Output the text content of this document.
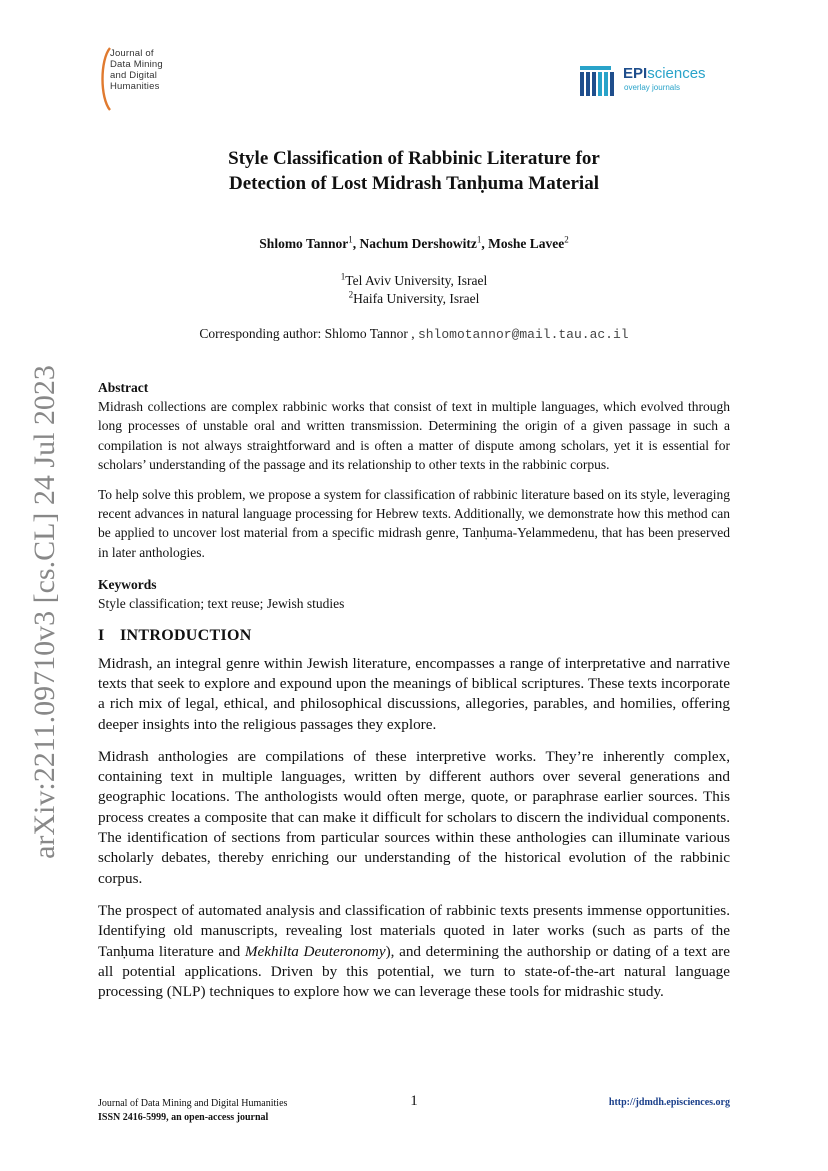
Journal of
Data Mining
and Digital
Humanities
EPIsciences
overlay journals
Style Classification of Rabbinic Literature for
Detection of Lost Midrash Tanḥuma Material
Shlomo Tannor$^1$, Nachum Dershowitz$^1$, Moshe Lavee$^2$
$^1$Tel Aviv University, Israel
$^2$Haifa University, Israel
Corresponding author: Shlomo Tannor , shlomotannor@mail.tau.ac.il
arXiv:2211.09710v3 [cs.CL] 24 Jul 2023	Abstract

Midrash collections are complex rabbinic works that consist of text in multiple languages, which evolved through long processes of unstable oral and written transmission. Determining the origin of a given passage in such a compilation is not always straightforward and is often a matter of dispute among scholars, yet it is essential for scholars’ understanding of the passage and its relationship to other texts in the rabbinic corpus.

To help solve this problem, we propose a system for classification of rabbinic literature based on its style, leveraging recent advances in natural language processing for Hebrew texts. Additionally, we demonstrate how this method can be applied to uncover lost material from a specific midrash genre, Tanḥuma-Yelammedenu, that has been preserved in later anthologies.

Keywords

Style classification; text reuse; Jewish studies

I INTRODUCTION

Midrash, an integral genre within Jewish literature, encompasses a range of interpretative and narrative texts that seek to explore and expound upon the meanings of biblical scriptures. These texts incorporate a rich mix of legal, ethical, and philosophical discussions, allegories, parables, and homilies, offering deeper insights into the religious passages they explore.

Midrash anthologies are compilations of these interpretive works. They’re inherently complex, containing text in multiple languages, written by different authors over several generations and geographic locations. The anthologists would often merge, quote, or paraphrase earlier sources. This process creates a composite that can make it difficult for scholars to discern the individual components. The identification of sections from particular sources within these anthologies can illuminate various scholarly debates, thereby enriching our understanding of the historical evolution of the rabbinic corpus.

The prospect of automated analysis and classification of rabbinic texts presents immense opportunities. Identifying old manuscripts, revealing lost materials quoted in later works (such as parts of the Tanḥuma literature and Mekhilta Deuteronomy), and determining the authorship or dating of a text are all potential applications. Driven by this potential, we turn to state-of-the-art natural language processing (NLP) techniques to explore how we can leverage these tools for midrashic study.

Journal of Data Mining and Digital Humanities
ISSN 2416-5999, an open-access journal
1	http://jdmdh.episciences.org
